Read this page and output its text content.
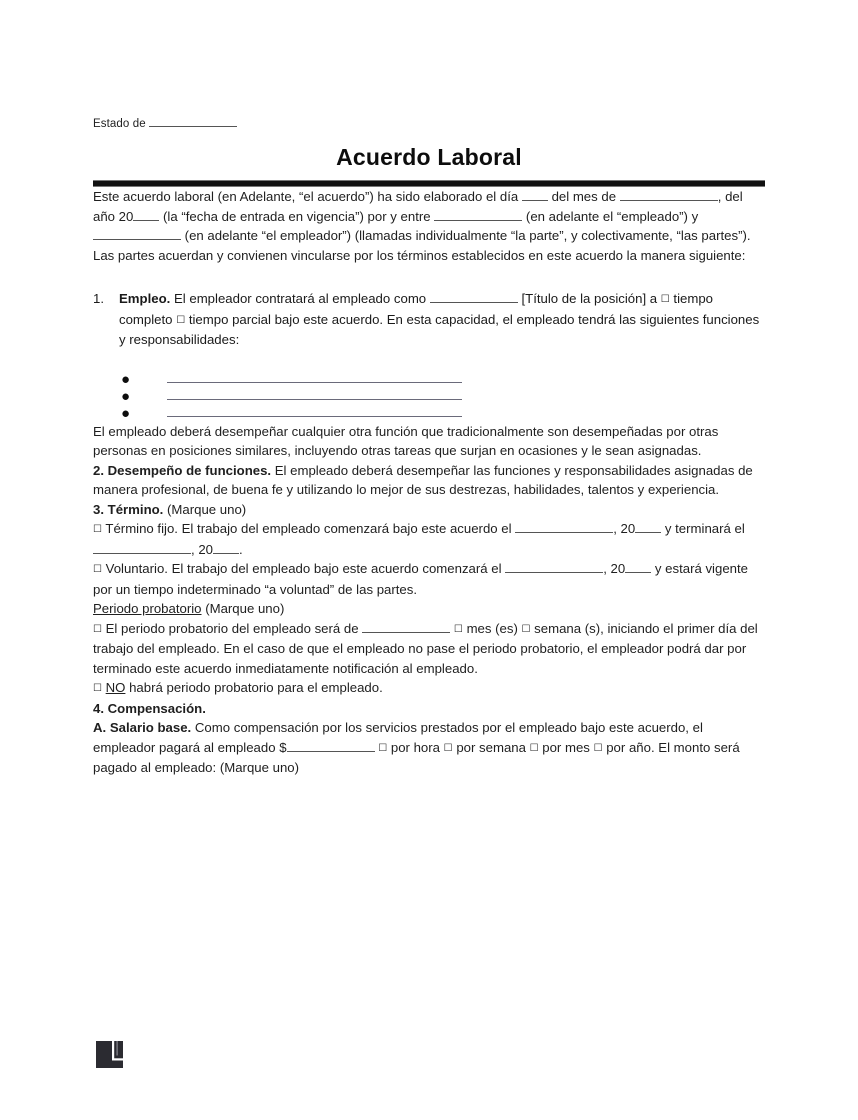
Estado de
Acuerdo Laboral

Este acuerdo laboral (en Adelante, “el acuerdo”) ha sido elaborado el día	del mes de	, del año 20 (la “fecha de entrada en vigencia”) por y entre	(en adelante el “empleado”) y  (en adelante “el empleador”) (llamadas individualmente “la parte”, y colectivamente, “las partes”). Las partes acuerdan y convienen vincularse por los términos establecidos en este acuerdo la manera siguiente:

1.	Empleo. El empleador contratará al empleado como	[Título de la posición] a ☐ tiempo completo ☐ tiempo parcial bajo este acuerdo. En esta capacidad, el empleado tendrá las siguientes funciones y responsabilidades:
●
●
●

El empleado deberá desempeñar cualquier otra función que tradicionalmente son desempeñadas por otras personas en posiciones similares, incluyendo otras tareas que surjan en ocasiones y le sean asignadas.

2. Desempeño de funciones. El empleado deberá desempeñar las funciones y responsabilidades asignadas de manera profesional, de buena fe y utilizando lo mejor de sus destrezas, habilidades, talentos y experiencia.

3. Término. (Marque uno)

☐ Término fijo. El trabajo del empleado comenzará bajo este acuerdo el	, 20 y terminará el , 20 .

☐ Voluntario. El trabajo del empleado bajo este acuerdo comenzará el	, 20 y estará vigente por un tiempo indeterminado “a voluntad” de las partes.

Periodo probatorio (Marque uno)

☐ El periodo probatorio del empleado será de	☐ mes (es) ☐ semana (s), iniciando el primer día del trabajo del empleado. En el caso de que el empleado no pase el periodo probatorio, el empleador podrá dar por terminado este acuerdo inmediatamente notificación al empleado.

☐ NO habrá periodo probatorio para el empleado.

4. Compensación.

A. Salario base. Como compensación por los servicios prestados por el empleado bajo este acuerdo, el empleador pagará al empleado $	☐ por hora ☐ por semana ☐ por mes ☐ por año. El monto será pagado al empleado: (Marque uno)
